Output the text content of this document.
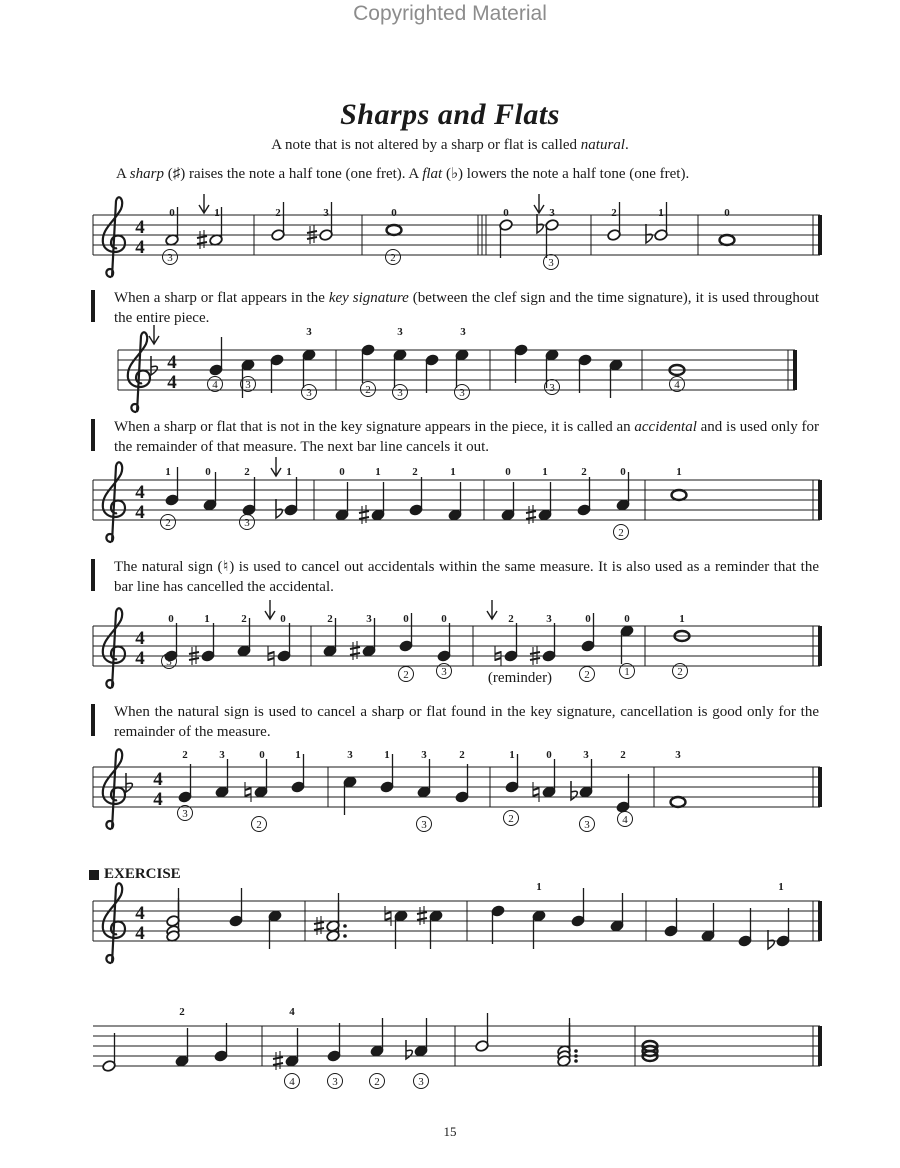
Copyrighted Material
Sharps and Flats
A note that is not altered by a sharp or flat is called natural.
A sharp (♯) raises the note a half tone (one fret). A flat (♭) lowers the note a half tone (one fret).
4
4
0	1	2	3	0	0	3	2	1	0
3	2	3
When a sharp or flat appears in the key signature (between the clef sign and the time signature), it is used throughout the entire piece.
4
4
3	3	3
4	3
3	2 3	3	3	4
When a sharp or flat that is not in the key signature appears in the piece, it is called an accidental and is used only for the remainder of that measure. The next bar line cancels it out.
4
4
1	0	2	1	0	1	2	1	0	1	2	0	1
2	3
2
The natural sign (♮) is used to cancel out accidentals within the same measure. It is also used as a reminder that the bar line has cancelled the accidental.
4
4
0	1	2	0	2	3	0	0	2	3	0	0	1
3
2	3	2	1	2
(reminder)
When the natural sign is used to cancel a sharp or flat found in the key signature, cancellation is good only for the remainder of the measure.
4
4
2	3	0	1	3	1	3	2	1	0	3	2	3
3
2	3	2	3	4
EXERCISE
4
4
1	1
2	4
4	3	2	3
15
